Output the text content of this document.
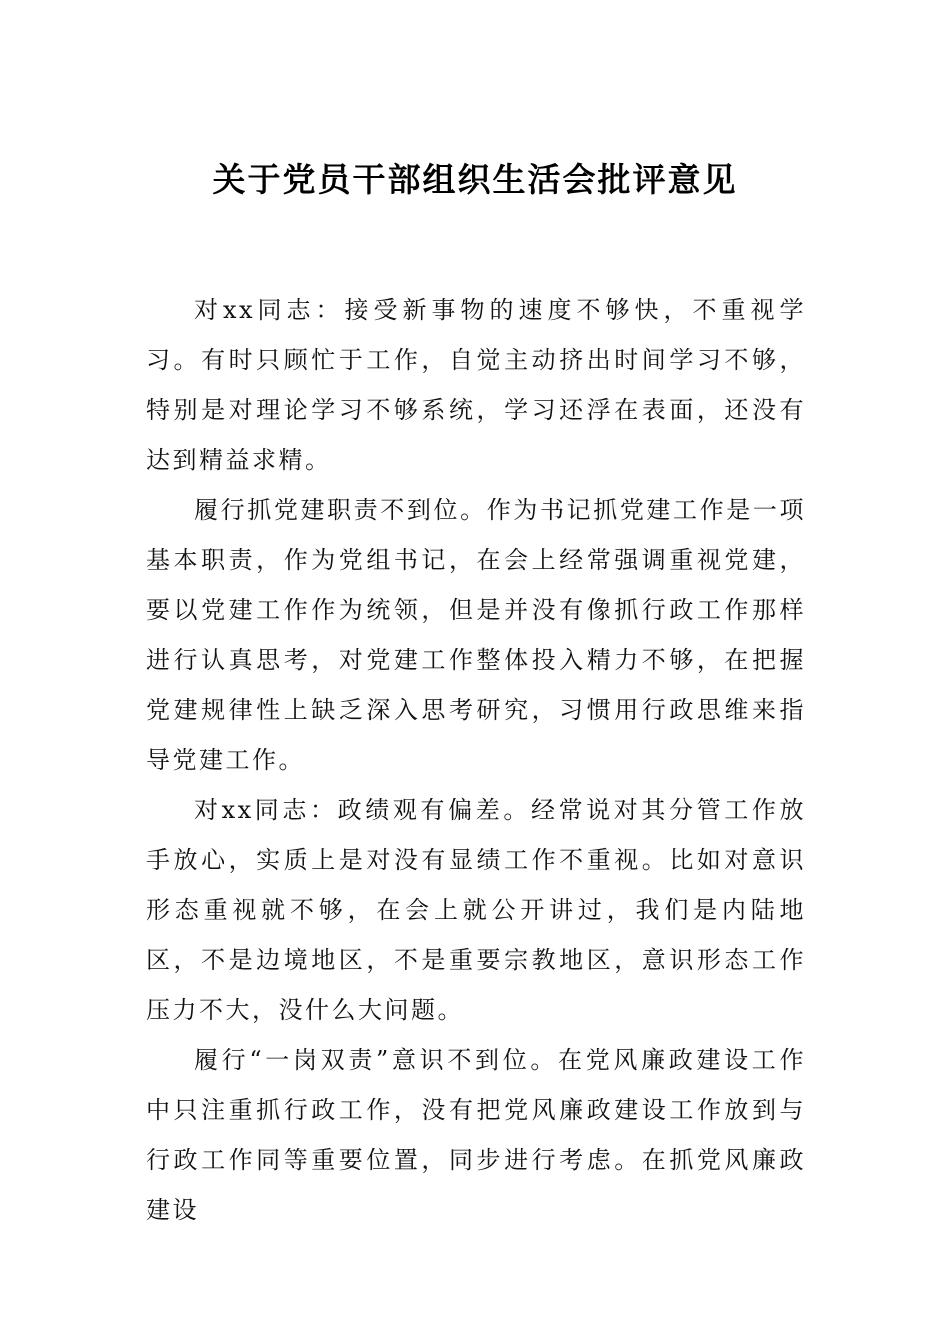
关于党员干部组织生活会批评意见

对xx同志：接受新事物的速度不够快，不重视学习。有时只顾忙于工作，自觉主动挤出时间学习不够，特别是对理论学习不够系统，学习还浮在表面，还没有达到精益求精。

履行抓党建职责不到位。作为书记抓党建工作是一项基本职责，作为党组书记，在会上经常强调重视党建，要以党建工作作为统领，但是并没有像抓行政工作那样进行认真思考，对党建工作整体投入精力不够，在把握党建规律性上缺乏深入思考研究，习惯用行政思维来指导党建工作。

对xx同志：政绩观有偏差。经常说对其分管工作放手放心，实质上是对没有显绩工作不重视。比如对意识形态重视就不够，在会上就公开讲过，我们是内陆地区，不是边境地区，不是重要宗教地区，意识形态工作压力不大，没什么大问题。

履行“一岗双责”意识不到位。在党风廉政建设工作中只注重抓行政工作，没有把党风廉政建设工作放到与行政工作同等重要位置，同步进行考虑。在抓党风廉政建设
